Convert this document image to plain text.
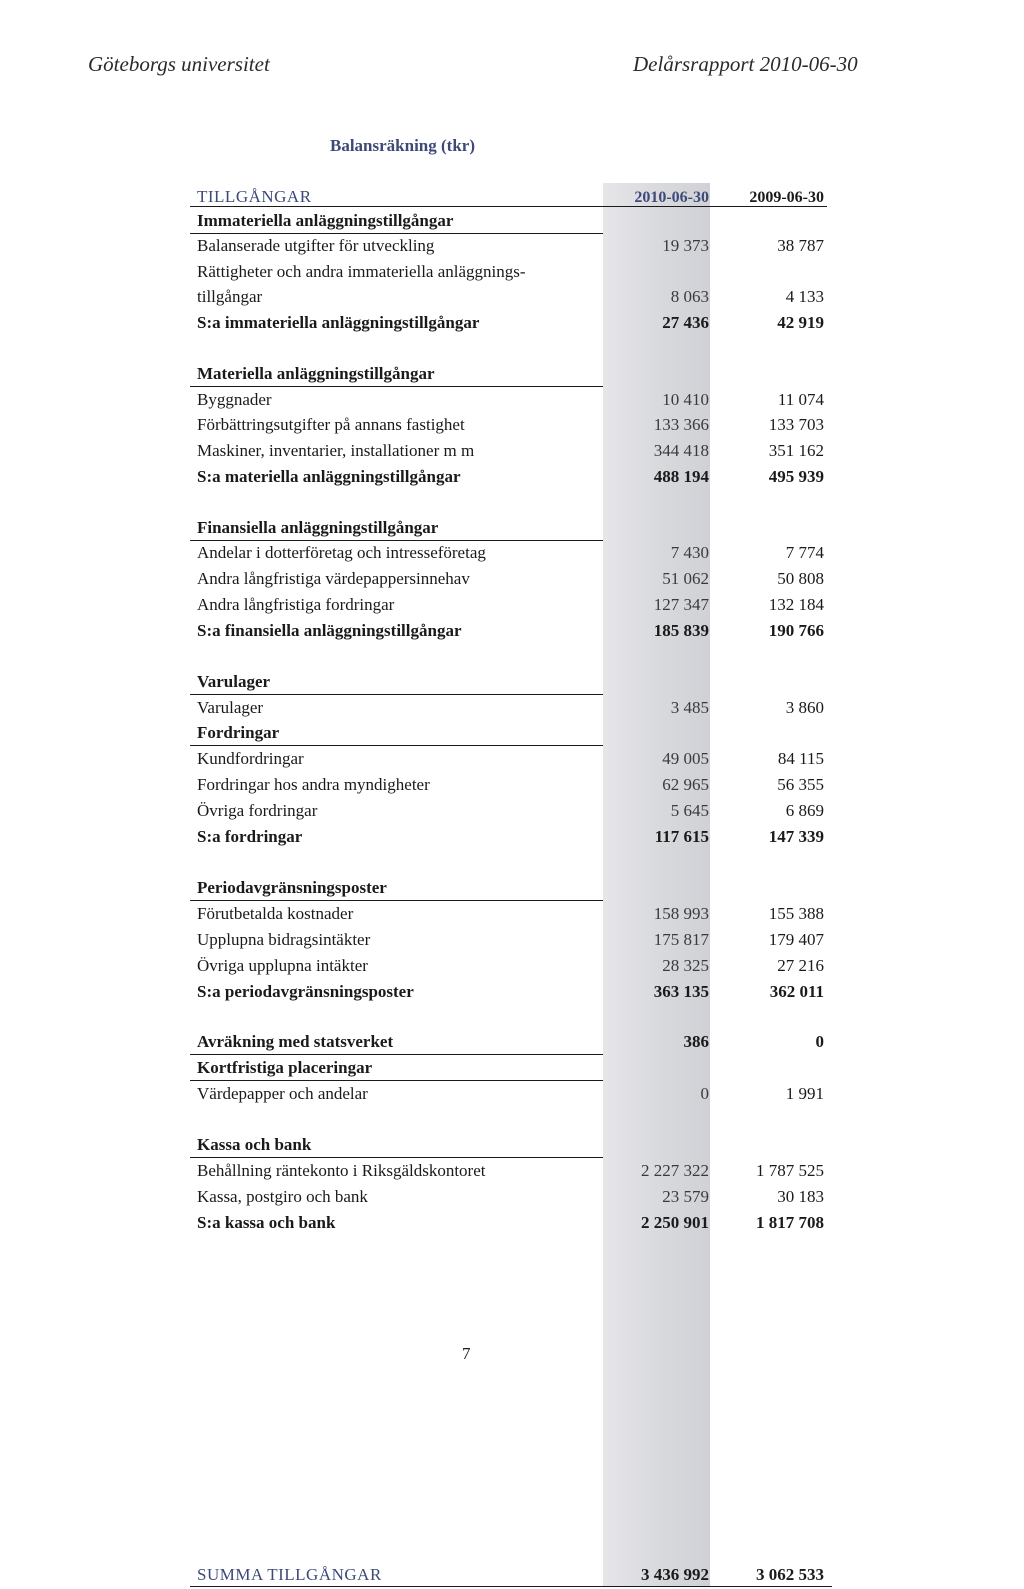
Göteborgs universitet	Delårsrapport 2010-06-30
Balansräkning (tkr)
TILLGÅNGAR	2010-06-30	2009-06-30
Immateriella anläggningstillgångar
Balanserade utgifter för utveckling	19 373	38 787
Rättigheter och andra immateriella anläggnings-
tillgångar	8 063	4 133
S:a immateriella anläggningstillgångar	27 436	42 919
Materiella anläggningstillgångar
Byggnader	10 410	11 074
Förbättringsutgifter på annans fastighet	133 366	133 703
Maskiner, inventarier, installationer m m	344 418	351 162
S:a materiella anläggningstillgångar	488 194	495 939
Finansiella anläggningstillgångar
Andelar i dotterföretag och intresseföretag	7 430	7 774
Andra långfristiga värdepappersinnehav	51 062	50 808
Andra långfristiga fordringar	127 347	132 184
S:a finansiella anläggningstillgångar	185 839	190 766
Varulager
Varulager	3 485	3 860
Fordringar
Kundfordringar	49 005	84 115
Fordringar hos andra myndigheter	62 965	56 355
Övriga fordringar	5 645	6 869
S:a fordringar	117 615	147 339
Periodavgränsningsposter
Förutbetalda kostnader	158 993	155 388
Upplupna bidragsintäkter	175 817	179 407
Övriga upplupna intäkter	28 325	27 216
S:a periodavgränsningsposter	363 135	362 011
Avräkning med statsverket	386	0
Kortfristiga placeringar
Värdepapper och andelar	0	1 991
Kassa och bank
Behållning räntekonto i Riksgäldskontoret	2 227 322	1 787 525
Kassa, postgiro och bank	23 579	30 183
S:a kassa och bank	2 250 901	1 817 708
SUMMA TILLGÅNGAR	3 436 992	3 062 533
7
